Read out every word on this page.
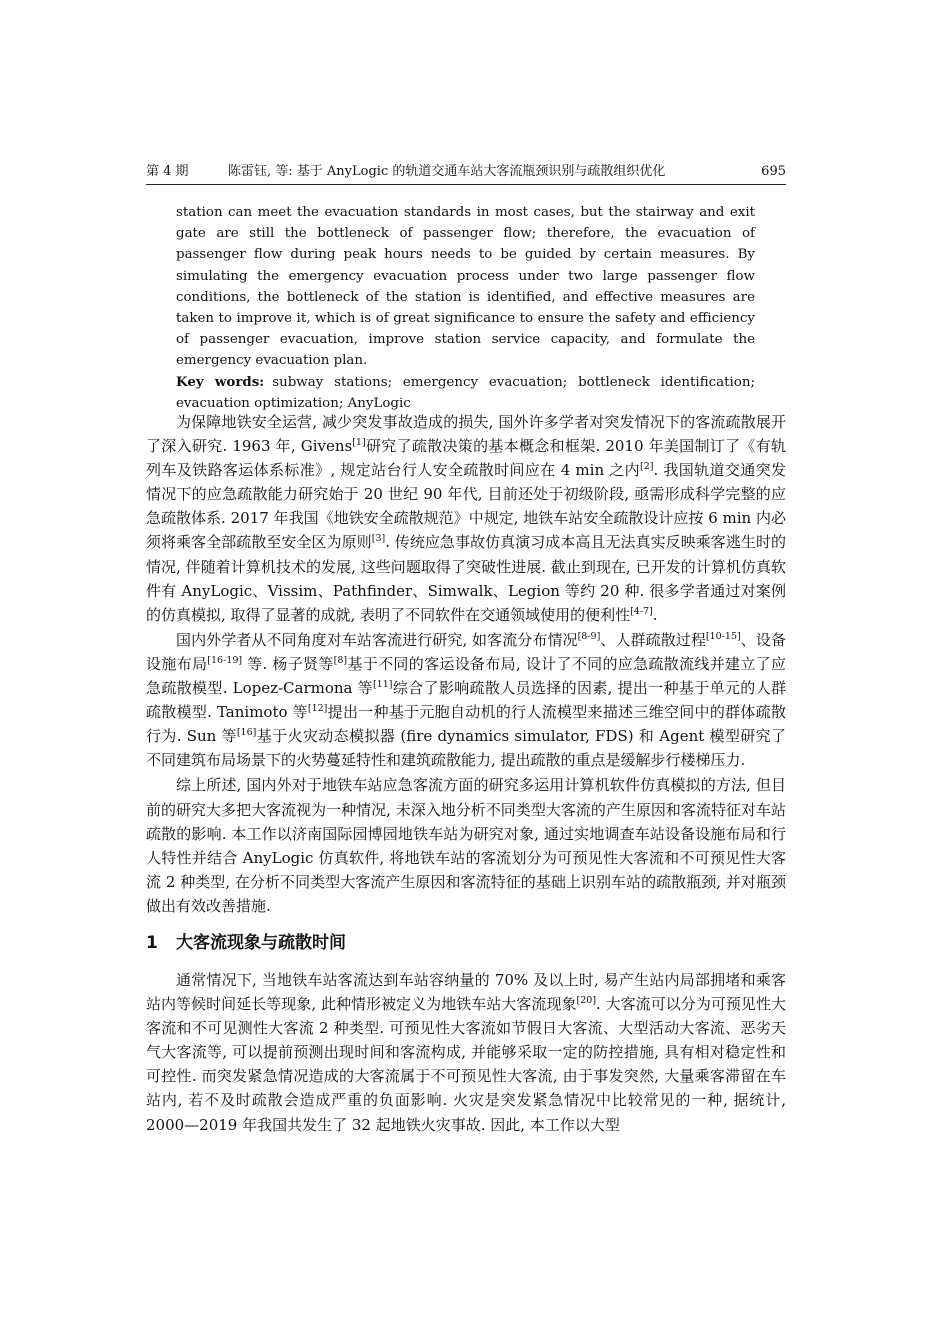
第 4 期	陈雷钰, 等: 基于 AnyLogic 的轨道交通车站大客流瓶颈识别与疏散组织优化	695

station can meet the evacuation standards in most cases, but the stairway and exit gate are still the bottleneck of passenger flow; therefore, the evacuation of passenger flow during peak hours needs to be guided by certain measures. By simulating the emergency evacuation process under two large passenger flow conditions, the bottleneck of the station is identified, and effective measures are taken to improve it, which is of great significance to ensure the safety and efficiency of passenger evacuation, improve station service capacity, and formulate the emergency evacuation plan.

Key words: subway stations; emergency evacuation; bottleneck identification; evacuation optimization; AnyLogic

为保障地铁安全运营, 减少突发事故造成的损失, 国外许多学者对突发情况下的客流疏散展开了深入研究. 1963 年, Givens[1]研究了疏散决策的基本概念和框架. 2010 年美国制订了《有轨列车及铁路客运体系标准》, 规定站台行人安全疏散时间应在 4 min 之内[2]. 我国轨道交通突发情况下的应急疏散能力研究始于 20 世纪 90 年代, 目前还处于初级阶段, 亟需形成科学完整的应急疏散体系. 2017 年我国《地铁安全疏散规范》中规定, 地铁车站安全疏散设计应按 6 min 内必须将乘客全部疏散至安全区为原则[3]. 传统应急事故仿真演习成本高且无法真实反映乘客逃生时的情况, 伴随着计算机技术的发展, 这些问题取得了突破性进展. 截止到现在, 已开发的计算机仿真软件有 AnyLogic、Vissim、Pathfinder、Simwalk、Legion 等约 20 种. 很多学者通过对案例的仿真模拟, 取得了显著的成就, 表明了不同软件在交通领域使用的便利性[4-7].

国内外学者从不同角度对车站客流进行研究, 如客流分布情况[8-9]、人群疏散过程[10-15]、设备设施布局[16-19] 等. 杨子贤等[8]基于不同的客运设备布局, 设计了不同的应急疏散流线并建立了应急疏散模型. Lopez-Carmona 等[11]综合了影响疏散人员选择的因素, 提出一种基于单元的人群疏散模型. Tanimoto 等[12]提出一种基于元胞自动机的行人流模型来描述三维空间中的群体疏散行为. Sun 等[16]基于火灾动态模拟器 (fire dynamics simulator, FDS) 和 Agent 模型研究了不同建筑布局场景下的火势蔓延特性和建筑疏散能力, 提出疏散的重点是缓解步行楼梯压力.

综上所述, 国内外对于地铁车站应急客流方面的研究多运用计算机软件仿真模拟的方法, 但目前的研究大多把大客流视为一种情况, 未深入地分析不同类型大客流的产生原因和客流特征对车站疏散的影响. 本工作以济南国际园博园地铁车站为研究对象, 通过实地调查车站设备设施布局和行人特性并结合 AnyLogic 仿真软件, 将地铁车站的客流划分为可预见性大客流和不可预见性大客流 2 种类型, 在分析不同类型大客流产生原因和客流特征的基础上识别车站的疏散瓶颈, 并对瓶颈做出有效改善措施.

1 大客流现象与疏散时间

通常情况下, 当地铁车站客流达到车站容纳量的 70% 及以上时, 易产生站内局部拥堵和乘客站内等候时间延长等现象, 此种情形被定义为地铁车站大客流现象[20]. 大客流可以分为可预见性大客流和不可见测性大客流 2 种类型. 可预见性大客流如节假日大客流、大型活动大客流、恶劣天气大客流等, 可以提前预测出现时间和客流构成, 并能够采取一定的防控措施, 具有相对稳定性和可控性. 而突发紧急情况造成的大客流属于不可预见性大客流, 由于事发突然, 大量乘客滞留在车站内, 若不及时疏散会造成严重的负面影响. 火灾是突发紧急情况中比较常见的一种, 据统计, 2000—2019 年我国共发生了 32 起地铁火灾事故. 因此, 本工作以大型
